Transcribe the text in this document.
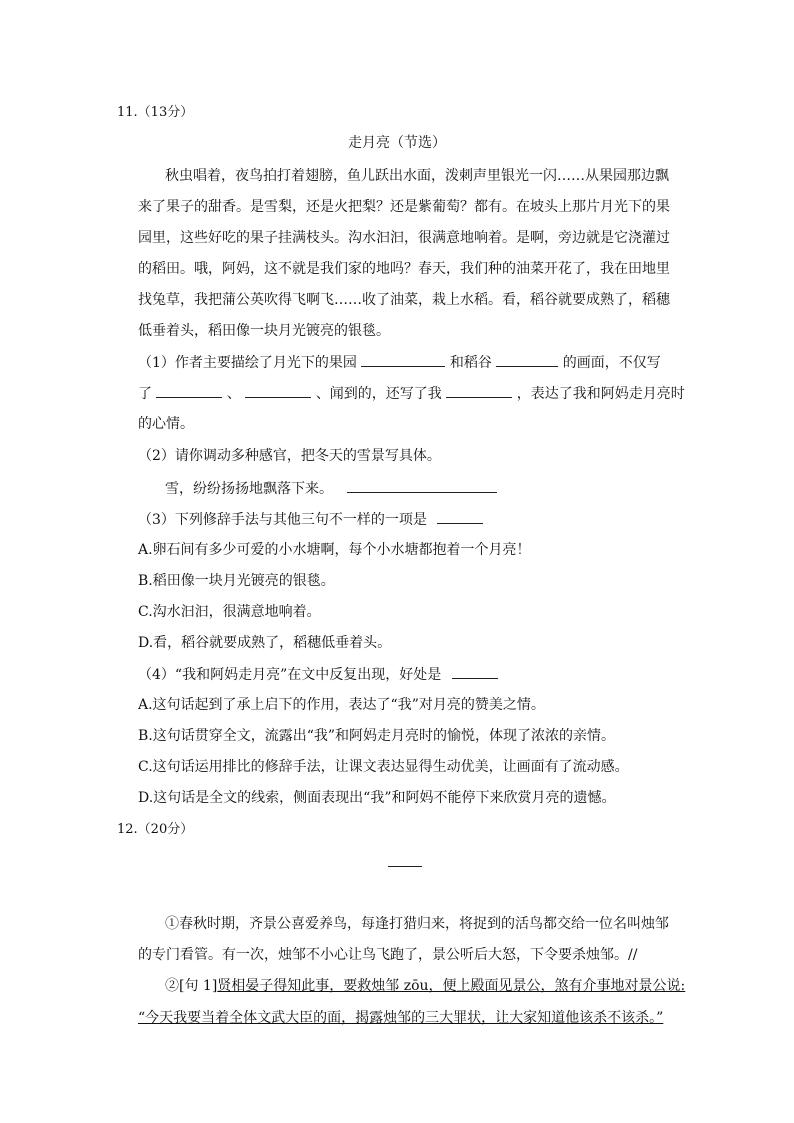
11.（13分）
走月亮（节选）
秋虫唱着，夜鸟拍打着翅膀，鱼儿跃出水面，泼刺声里银光一闪……从果园那边飘
来了果子的甜香。是雪梨，还是火把梨？还是紫葡萄？都有。在坡头上那片月光下的果
园里，这些好吃的果子挂满枝头。沟水汩汩，很满意地响着。是啊，旁边就是它浇灌过
的稻田。哦，阿妈，这不就是我们家的地吗？春天，我们种的油菜开花了，我在田地里
找兔草，我把蒲公英吹得飞啊飞……收了油菜，栽上水稻。看，稻谷就要成熟了，稻穗
低垂着头，稻田像一块月光镀亮的银毯。
（1）作者主要描绘了月光下的果园	和稻谷	的画面，不仅写
了	、	、闻到的，还写了我	，表达了我和阿妈走月亮时
的心情。
（2）请你调动多种感官，把冬天的雪景写具体。
雪，纷纷扬扬地飘落下来。
（3）下列修辞手法与其他三句不一样的一项是
A.卵石间有多少可爱的小水塘啊，每个小水塘都抱着一个月亮！
B.稻田像一块月光镀亮的银毯。
C.沟水汩汩，很满意地响着。
D.看，稻谷就要成熟了，稻穗低垂着头。
（4）“我和阿妈走月亮”在文中反复出现，好处是
A.这句话起到了承上启下的作用，表达了“我”对月亮的赞美之情。
B.这句话贯穿全文，流露出“我”和阿妈走月亮时的愉悦，体现了浓浓的亲情。
C.这句话运用排比的修辞手法，让课文表达显得生动优美，让画面有了流动感。
D.这句话是全文的线索，侧面表现出“我”和阿妈不能停下来欣赏月亮的遗憾。
12.（20分）
①春秋时期，齐景公喜爱养鸟，每逢打猎归来，将捉到的活鸟都交给一位名叫烛邹
的专门看管。有一次，烛邹不小心让鸟飞跑了，景公听后大怒，下令要杀烛邹。//
②[句 1]贤相晏子得知此事，要救烛邹 zōu，便上殿面见景公，煞有介事地对景公说:
“今天我要当着全体文武大臣的面，揭露烛邹的三大罪状，让大家知道他该杀不该杀。”
